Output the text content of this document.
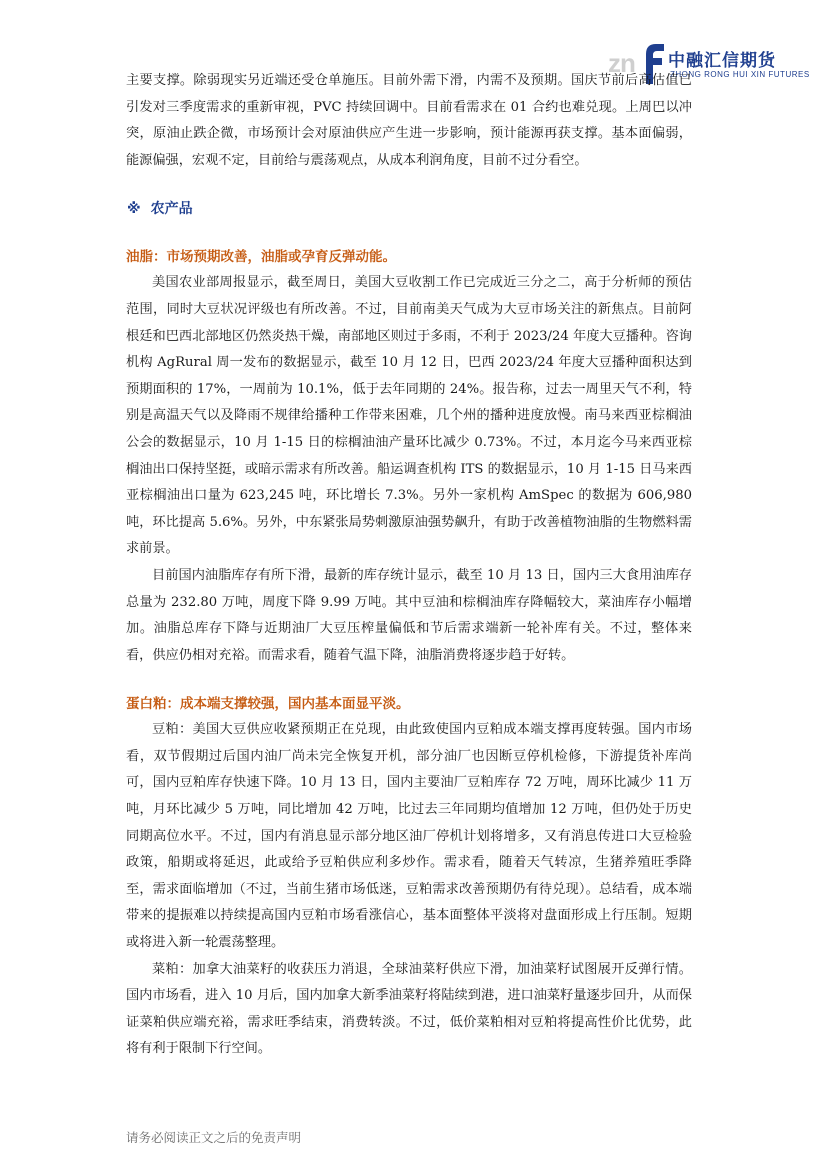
zn 中融汇信期货
ZHONG RONG HUI XIN FUTURES

主要支撑。除弱现实另近端还受仓单施压。目前外需下滑，内需不及预期。国庆节前后高估值已引发对三季度需求的重新审视，PVC 持续回调中。目前看需求在 01 合约也难兑现。上周巴以冲突，原油止跌企微，市场预计会对原油供应产生进一步影响，预计能源再获支撑。基本面偏弱，能源偏强，宏观不定，目前给与震荡观点，从成本利润角度，目前不过分看空。

※ 农产品
油脂：市场预期改善，油脂或孕育反弹动能。

美国农业部周报显示，截至周日，美国大豆收割工作已完成近三分之二，高于分析师的预估范围，同时大豆状况评级也有所改善。不过，目前南美天气成为大豆市场关注的新焦点。目前阿根廷和巴西北部地区仍然炎热干燥，南部地区则过于多雨，不利于 2023/24 年度大豆播种。咨询机构 AgRural 周一发布的数据显示，截至 10 月 12 日，巴西 2023/24 年度大豆播种面积达到预期面积的 17%，一周前为 10.1%，低于去年同期的 24%。报告称，过去一周里天气不利，特别是高温天气以及降雨不规律给播种工作带来困难，几个州的播种进度放慢。南马来西亚棕榈油公会的数据显示，10 月 1-15 日的棕榈油油产量环比减少 0.73%。不过，本月迄今马来西亚棕榈油出口保持坚挺，或暗示需求有所改善。船运调查机构 ITS 的数据显示，10 月 1-15 日马来西亚棕榈油出口量为 623,245 吨，环比增长 7.3%。另外一家机构 AmSpec 的数据为 606,980 吨，环比提高 5.6%。另外，中东紧张局势刺激原油强势飙升，有助于改善植物油脂的生物燃料需求前景。

目前国内油脂库存有所下滑，最新的库存统计显示，截至 10 月 13 日，国内三大食用油库存总量为 232.80 万吨，周度下降 9.99 万吨。其中豆油和棕榈油库存降幅较大，菜油库存小幅增加。油脂总库存下降与近期油厂大豆压榨量偏低和节后需求端新一轮补库有关。不过，整体来看，供应仍相对充裕。而需求看，随着气温下降，油脂消费将逐步趋于好转。

蛋白粕：成本端支撑较强，国内基本面显平淡。

豆粕：美国大豆供应收紧预期正在兑现，由此致使国内豆粕成本端支撑再度转强。国内市场看，双节假期过后国内油厂尚未完全恢复开机，部分油厂也因断豆停机检修，下游提货补库尚可，国内豆粕库存快速下降。10 月 13 日，国内主要油厂豆粕库存 72 万吨，周环比减少 11 万吨，月环比减少 5 万吨，同比增加 42 万吨，比过去三年同期均值增加 12 万吨，但仍处于历史同期高位水平。不过，国内有消息显示部分地区油厂停机计划将增多，又有消息传进口大豆检验政策，船期或将延迟，此或给予豆粕供应利多炒作。需求看，随着天气转凉，生猪养殖旺季降至，需求面临增加（不过，当前生猪市场低迷，豆粕需求改善预期仍有待兑现）。总结看，成本端带来的提振难以持续提高国内豆粕市场看涨信心，基本面整体平淡将对盘面形成上行压制。短期或将进入新一轮震荡整理。

菜粕：加拿大油菜籽的收获压力消退，全球油菜籽供应下滑，加油菜籽试图展开反弹行情。国内市场看，进入 10 月后，国内加拿大新季油菜籽将陆续到港，进口油菜籽量逐步回升，从而保证菜粕供应端充裕，需求旺季结束，消费转淡。不过，低价菜粕相对豆粕将提高性价比优势，此将有利于限制下行空间。

请务必阅读正文之后的免责声明
